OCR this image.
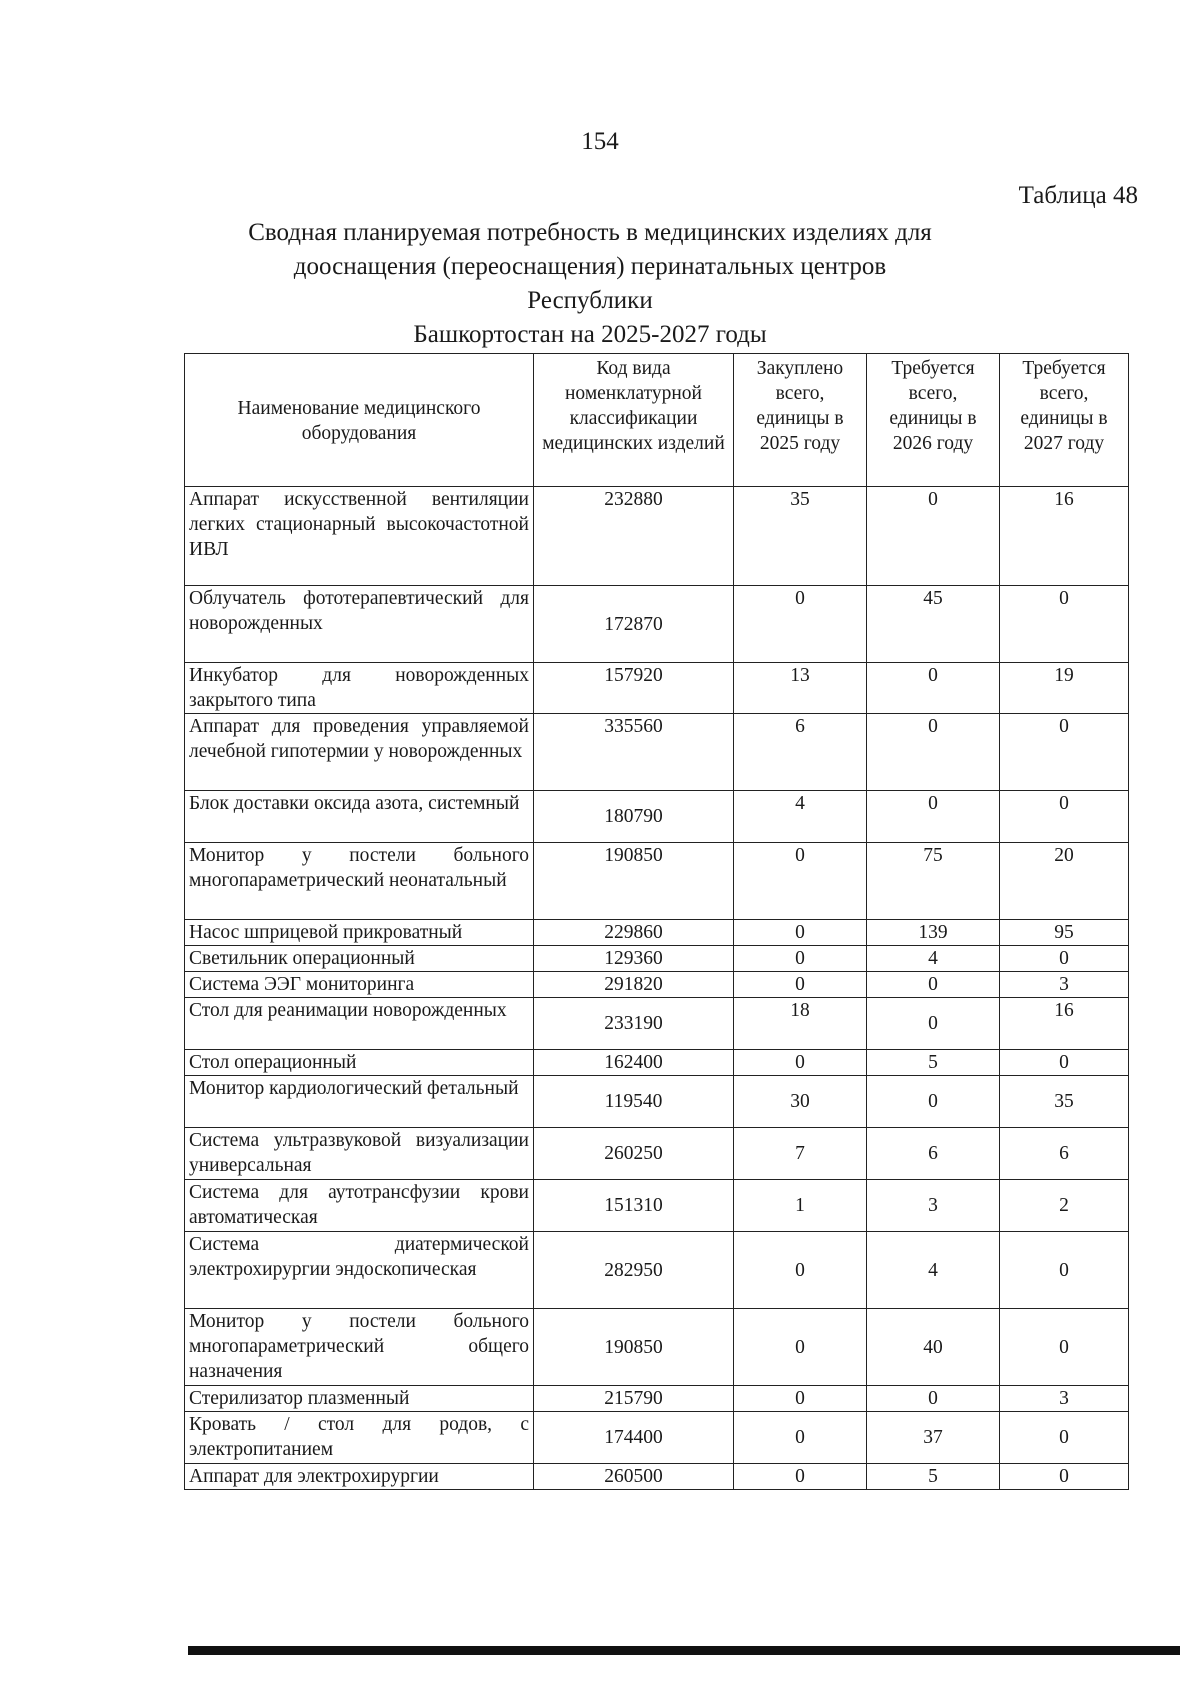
154
Таблица 48
Сводная планируемая потребность в медицинских изделиях для
дооснащения (переоснащения) перинатальных центров Республики
Башкортостан на 2025-2027 годы
Наименование медицинского оборудования	Код вида номенклатурной классификации медицинских изделий	Закуплено всего, единицы в 2025 году	Требуется всего, единицы в 2026 году	Требуется всего, единицы в 2027 году
Аппарат искусственной вентиляции легких стационарный высокочастотной ИВЛ	232880	35	0	16
Облучатель фототерапевтический для новорожденных	172870	0	45	0
Инкубатор для новорожденных закрытого типа	157920	13	0	19
Аппарат для проведения управляемой лечебной гипотермии у новорожденных	335560	6	0	0
Блок доставки оксида азота, системный	180790	4	0	0
Монитор у постели больного многопараметрический неонатальный	190850	0	75	20
Насос шприцевой прикроватный	229860	0	139	95
Светильник операционный	129360	0	4	0
Система ЭЭГ мониторинга	291820	0	0	3
Стол для реанимации новорожденных	233190	18	0	16
Стол операционный	162400	0	5	0
Монитор кардиологический фетальный	119540	30	0	35
Система ультразвуковой визуализации универсальная	260250	7	6	6
Система для аутотрансфузии крови автоматическая	151310	1	3	2
Система диатермической электрохирургии эндоскопическая	282950	0	4	0
Монитор у постели больного многопараметрический общего назначения	190850	0	40	0
Стерилизатор плазменный	215790	0	0	3
Кровать / стол для родов, с электропитанием	174400	0	37	0
Аппарат для электрохирургии	260500	0	5	0
